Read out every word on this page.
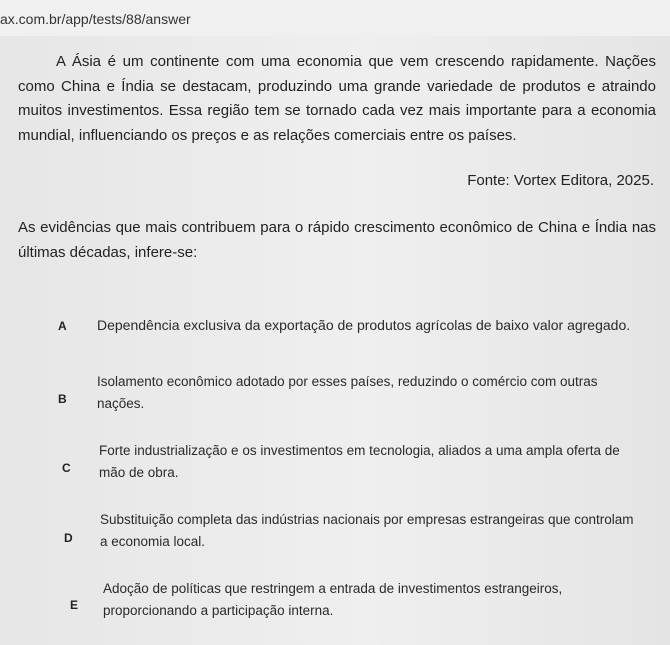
ax.com.br/app/tests/88/answer
A Ásia é um continente com uma economia que vem crescendo rapidamente. Nações como China e Índia se destacam, produzindo uma grande variedade de produtos e atraindo muitos investimentos. Essa região tem se tornado cada vez mais importante para a economia mundial, influenciando os preços e as relações comerciais entre os países.
Fonte: Vortex Editora, 2025.
As evidências que mais contribuem para o rápido crescimento econômico de China e Índia nas últimas décadas, infere-se:
A Dependência exclusiva da exportação de produtos agrícolas de baixo valor agregado.
B
Isolamento econômico adotado por esses países, reduzindo o comércio com outras nações.
C
Forte industrialização e os investimentos em tecnologia, aliados a uma ampla oferta de mão de obra.
D
Substituição completa das indústrias nacionais por empresas estrangeiras que controlam a economia local.
E
Adoção de políticas que restringem a entrada de investimentos estrangeiros, proporcionando a participação interna.
